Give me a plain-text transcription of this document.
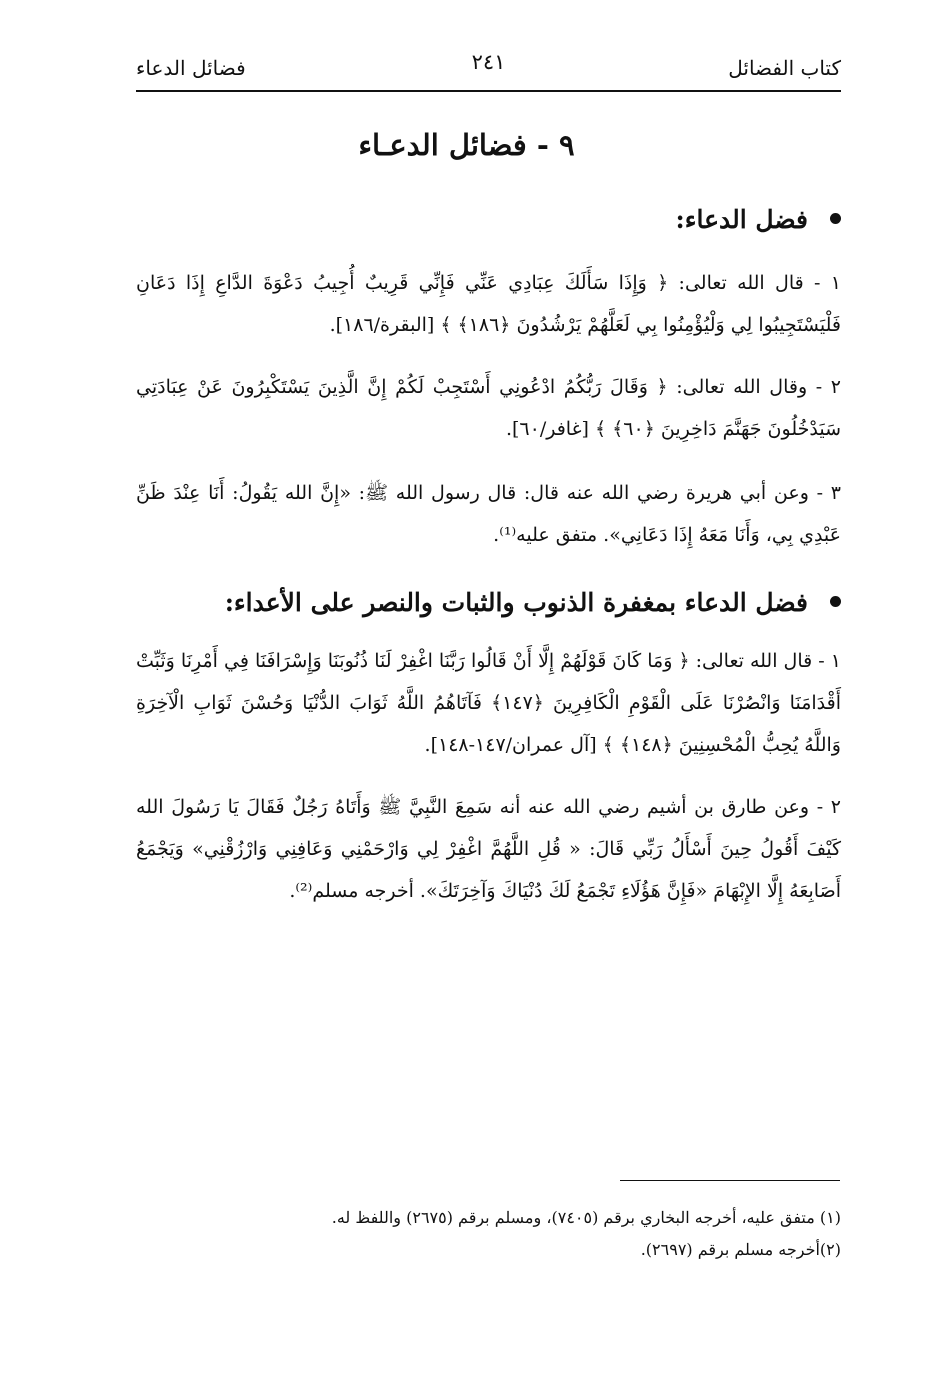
كتاب الفضائل
٢٤١
فضائل الدعاء
٩ - فضائل الدعـاء
فضل الدعاء:
١ - قال الله تعالى: ﴿ وَإِذَا سَأَلَكَ عِبَادِي عَنِّي فَإِنِّي قَرِيبٌ أُجِيبُ دَعْوَةَ الدَّاعِ إِذَا دَعَانِ فَلْيَسْتَجِيبُوا لِي وَلْيُؤْمِنُوا بِي لَعَلَّهُمْ يَرْشُدُونَ ﴿١٨٦﴾ ﴾ [البقرة/١٨٦].
٢ - وقال الله تعالى: ﴿ وَقَالَ رَبُّكُمُ ادْعُونِي أَسْتَجِبْ لَكُمْ إِنَّ الَّذِينَ يَسْتَكْبِرُونَ عَنْ عِبَادَتِي سَيَدْخُلُونَ جَهَنَّمَ دَاخِرِينَ ﴿٦٠﴾ ﴾ [غافر/٦٠].
٣ - وعن أبي هريرة رضي الله عنه قال: قال رسول الله ﷺ: «إِنَّ الله يَقُولُ: أَنَا عِنْدَ ظَنِّ عَبْدِي بِي، وَأَنَا مَعَهُ إِذَا دَعَانِي». متفق عليه⁽¹⁾.
فضل الدعاء بمغفرة الذنوب والثبات والنصر على الأعداء:
١ - قال الله تعالى: ﴿ وَمَا كَانَ قَوْلَهُمْ إِلَّا أَنْ قَالُوا رَبَّنَا اغْفِرْ لَنَا ذُنُوبَنَا وَإِسْرَافَنَا فِي أَمْرِنَا وَثَبِّتْ أَقْدَامَنَا وَانْصُرْنَا عَلَى الْقَوْمِ الْكَافِرِينَ ﴿١٤٧﴾ فَآتَاهُمُ اللَّهُ ثَوَابَ الدُّنْيَا وَحُسْنَ ثَوَابِ الْآخِرَةِ وَاللَّهُ يُحِبُّ الْمُحْسِنِينَ ﴿١٤٨﴾ ﴾ [آل عمران/١٤٧-١٤٨].
٢ - وعن طارق بن أشيم رضي الله عنه أنه سَمِعَ النَّبِيَّ ﷺ وَأَتَاهُ رَجُلٌ فَقَالَ يَا رَسُولَ الله كَيْفَ أَقُولُ حِينَ أَسْأَلُ رَبِّي قَالَ: « قُلِ اللَّهُمَّ اغْفِرْ لِي وَارْحَمْنِي وَعَافِنِي وَارْزُقْنِي» وَيَجْمَعُ أَصَابِعَهُ إِلَّا الإِبْهَامَ «فَإِنَّ هَؤُلَاءِ تَجْمَعُ لَكَ دُنْيَاكَ وَآخِرَتَكَ». أخرجه مسلم⁽²⁾.
(١) متفق عليه، أخرجه البخاري برقم (٧٤٠٥)، ومسلم برقم (٢٦٧٥) واللفظ له.
(٢)أخرجه مسلم برقم (٢٦٩٧).
